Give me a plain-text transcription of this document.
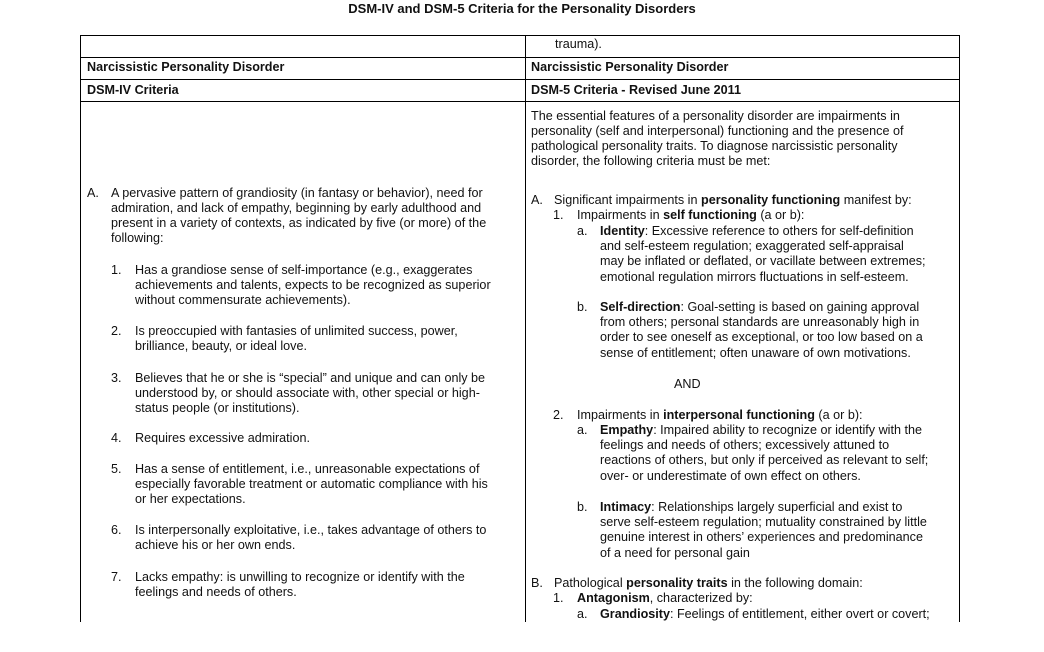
DSM-IV and DSM-5 Criteria for the Personality Disorders
Narcissistic Personality Disorder
DSM-IV Criteria
A. A pervasive pattern of grandiosity (in fantasy or behavior), need for
admiration, and lack of empathy, beginning by early adulthood and
present in a variety of contexts, as indicated by five (or more) of the
following:
1. Has a grandiose sense of self-importance (e.g., exaggerates
achievements and talents, expects to be recognized as superior
without commensurate achievements).
2. Is preoccupied with fantasies of unlimited success, power,
brilliance, beauty, or ideal love.
3. Believes that he or she is “special” and unique and can only be
understood by, or should associate with, other special or high-
status people (or institutions).
4. Requires excessive admiration.
5. Has a sense of entitlement, i.e., unreasonable expectations of
especially favorable treatment or automatic compliance with his
or her expectations.
6. Is interpersonally exploitative, i.e., takes advantage of others to
achieve his or her own ends.
7. Lacks empathy: is unwilling to recognize or identify with the
feelings and needs of others.
trauma).
Narcissistic Personality Disorder
DSM-5 Criteria - Revised June 2011
The essential features of a personality disorder are impairments in
personality (self and interpersonal) functioning and the presence of
pathological personality traits. To diagnose narcissistic personality
disorder, the following criteria must be met:
A. Significant impairments in personality functioning manifest by:
1. Impairments in self functioning (a or b):
a. Identity: Excessive reference to others for self-definition
and self-esteem regulation; exaggerated self-appraisal
may be inflated or deflated, or vacillate between extremes;
emotional regulation mirrors fluctuations in self-esteem.
b. Self-direction: Goal-setting is based on gaining approval
from others; personal standards are unreasonably high in
order to see oneself as exceptional, or too low based on a
sense of entitlement; often unaware of own motivations.
AND
2. Impairments in interpersonal functioning (a or b):
a. Empathy: Impaired ability to recognize or identify with the
feelings and needs of others; excessively attuned to
reactions of others, but only if perceived as relevant to self;
over- or underestimate of own effect on others.
b. Intimacy: Relationships largely superficial and exist to
serve self-esteem regulation; mutuality constrained by little
genuine interest in others’ experiences and predominance
of a need for personal gain
B. Pathological personality traits in the following domain:
1. Antagonism, characterized by:
a. Grandiosity: Feelings of entitlement, either overt or covert;
